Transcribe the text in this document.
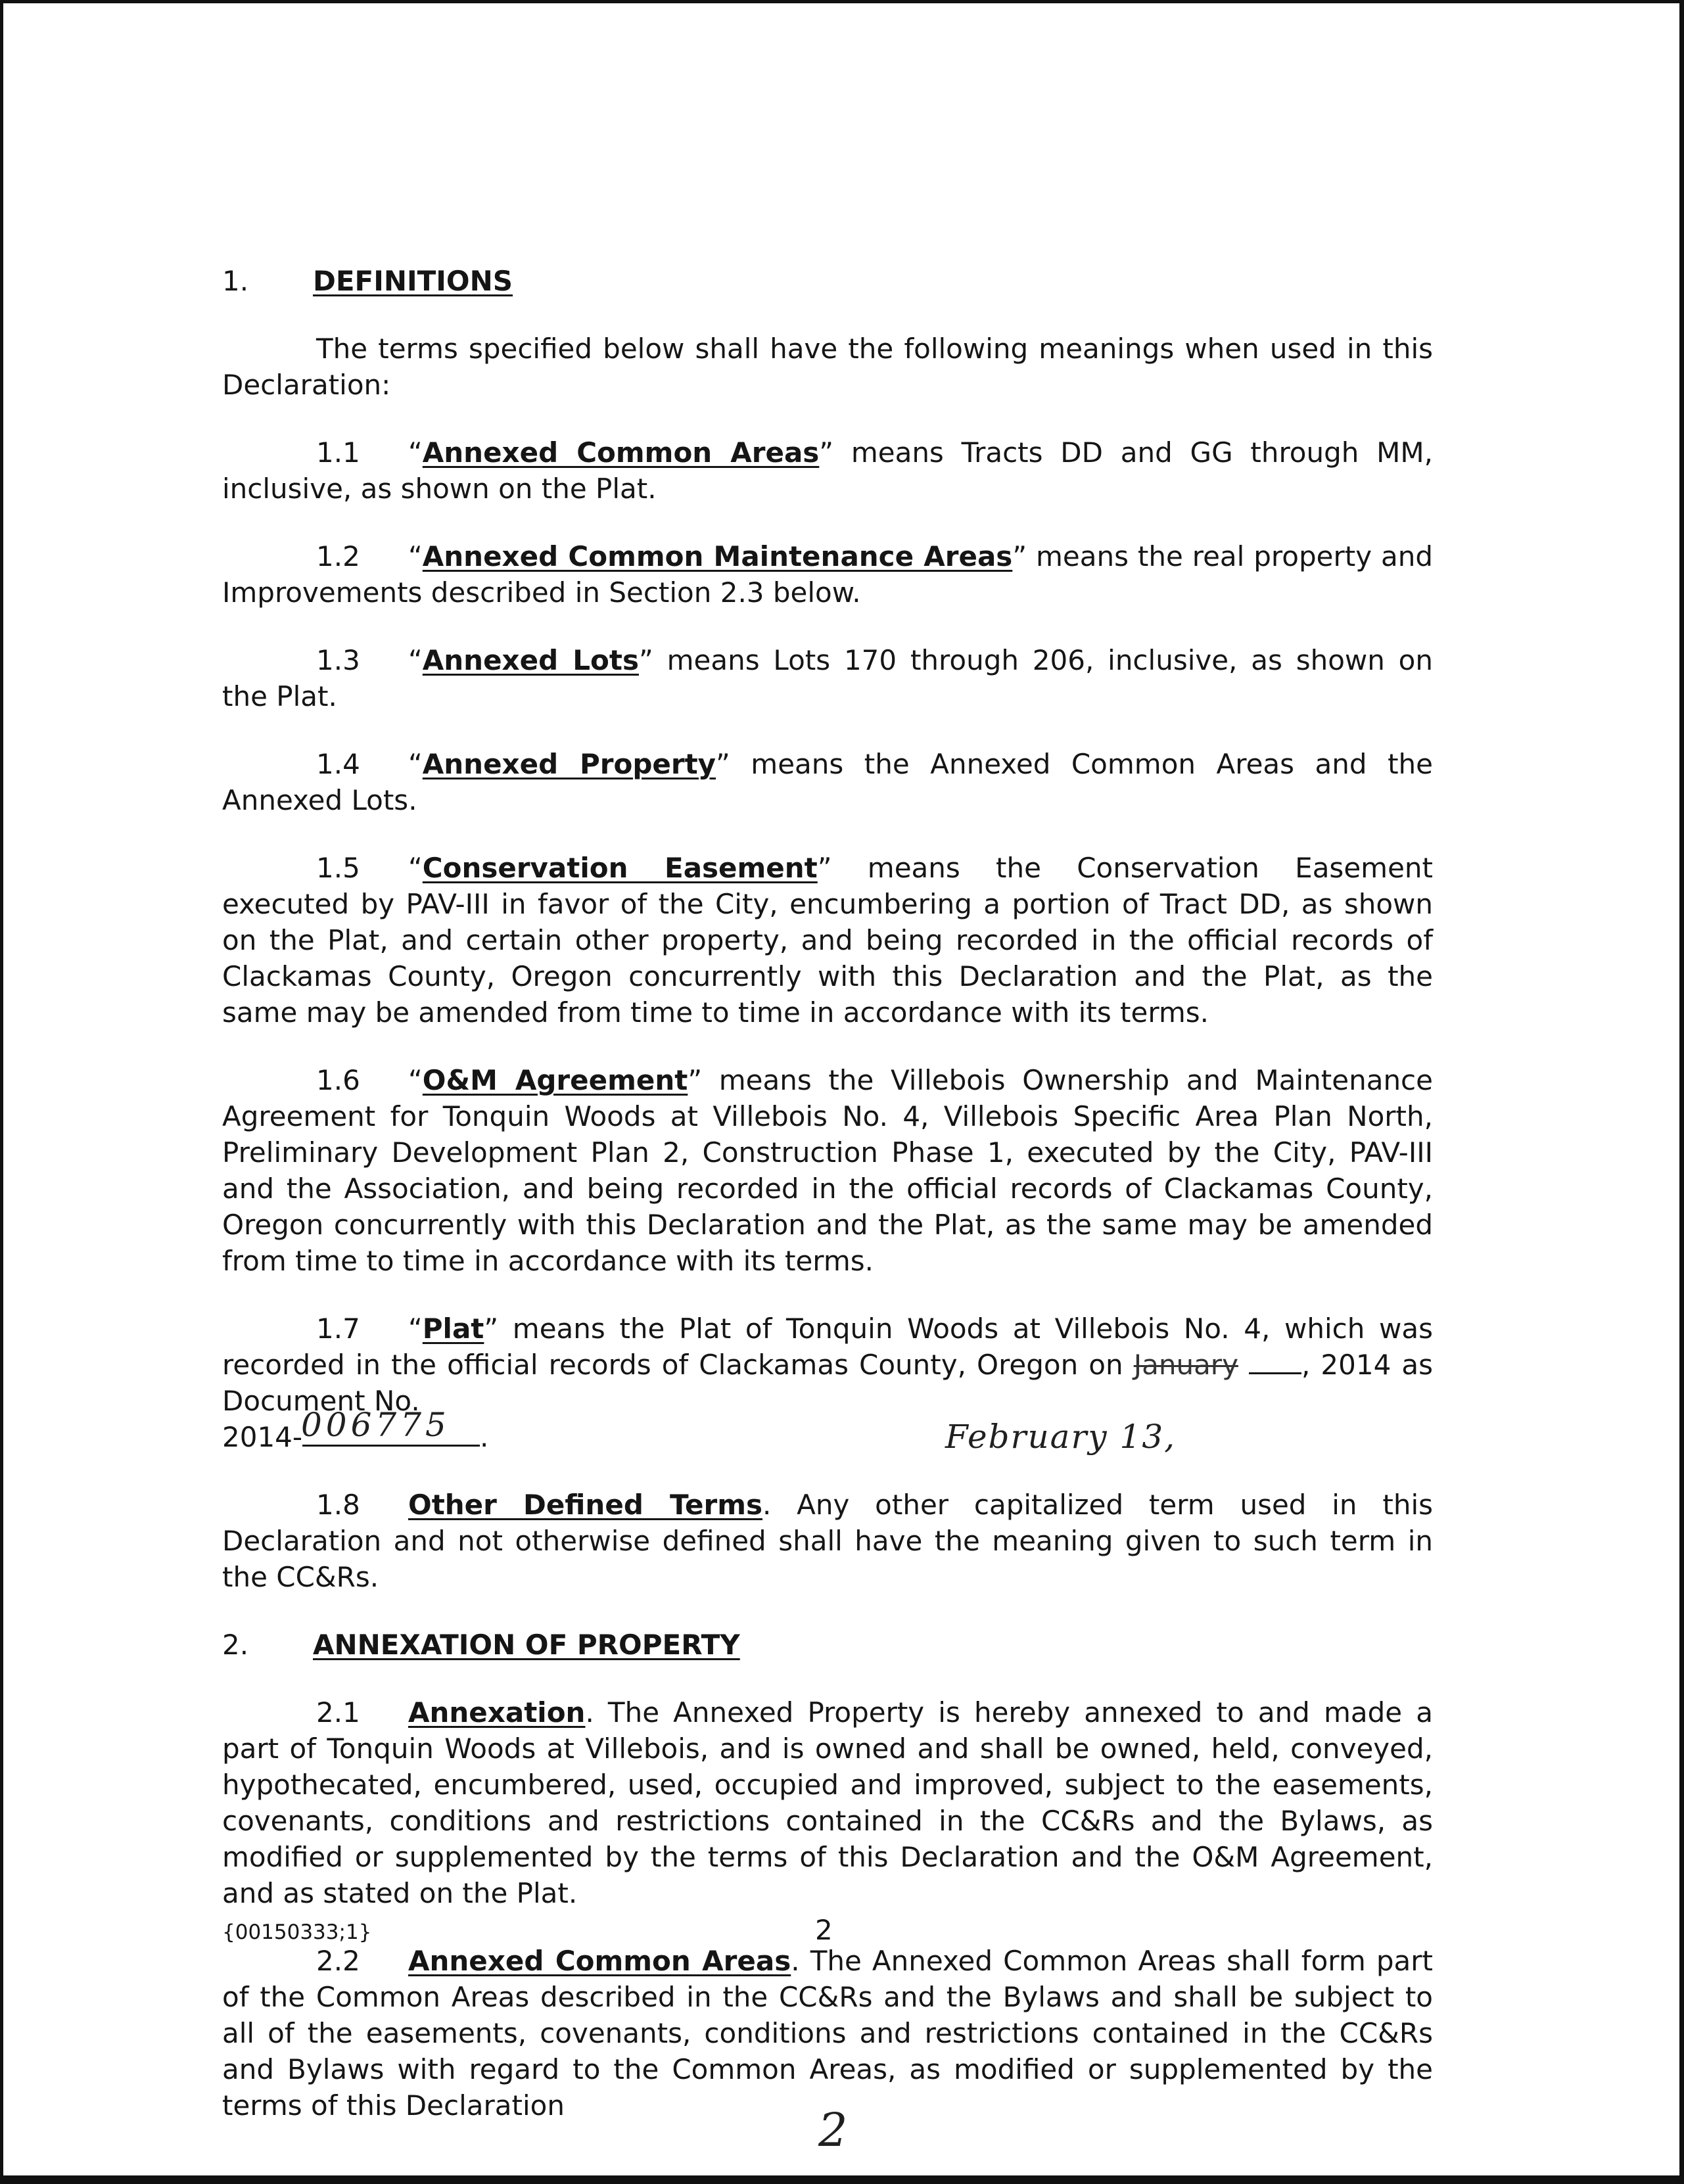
1. DEFINITIONS

The terms specified below shall have the following meanings when used in this Declaration:

1.1 “Annexed Common Areas” means Tracts DD and GG through MM, inclusive, as shown on the Plat.

1.2 “Annexed Common Maintenance Areas” means the real property and Improvements described in Section 2.3 below.

1.3 “Annexed Lots” means Lots 170 through 206, inclusive, as shown on the Plat.

1.4 “Annexed Property” means the Annexed Common Areas and the Annexed Lots.

1.5 “Conservation Easement” means the Conservation Easement executed by PAV-III in favor of the City, encumbering a portion of Tract DD, as shown on the Plat, and certain other property, and being recorded in the official records of Clackamas County, Oregon concurrently with this Declaration and the Plat, as the same may be amended from time to time in accordance with its terms.

1.6 “O&M Agreement” means the Villebois Ownership and Maintenance Agreement for Tonquin Woods at Villebois No. 4, Villebois Specific Area Plan North, Preliminary Development Plan 2, Construction Phase 1, executed by the City, PAV-III and the Association, and being recorded in the official records of Clackamas County, Oregon concurrently with this Declaration and the Plat, as the same may be amended from time to time in accordance with its terms.

1.7 “Plat” means the Plat of Tonquin Woods at Villebois No. 4, which was recorded in the official records of Clackamas County, Oregon on January , 2014 as Document No.
2014-	.
006775	February 13,

1.8 Other Defined Terms. Any other capitalized term used in this Declaration and not otherwise defined shall have the meaning given to such term in the CC&Rs.

2. ANNEXATION OF PROPERTY

2.1 Annexation. The Annexed Property is hereby annexed to and made a part of Tonquin Woods at Villebois, and is owned and shall be owned, held, conveyed, hypothecated, encumbered, used, occupied and improved, subject to the easements, covenants, conditions and restrictions contained in the CC&Rs and the Bylaws, as modified or supplemented by the terms of this Declaration and the O&M Agreement, and as stated on the Plat.

2.2 Annexed Common Areas. The Annexed Common Areas shall form part of the Common Areas described in the CC&Rs and the Bylaws and shall be subject to all of the easements, covenants, conditions and restrictions contained in the CC&Rs and Bylaws with regard to the Common Areas, as modified or supplemented by the terms of this Declaration

{00150333;1}	2
2
